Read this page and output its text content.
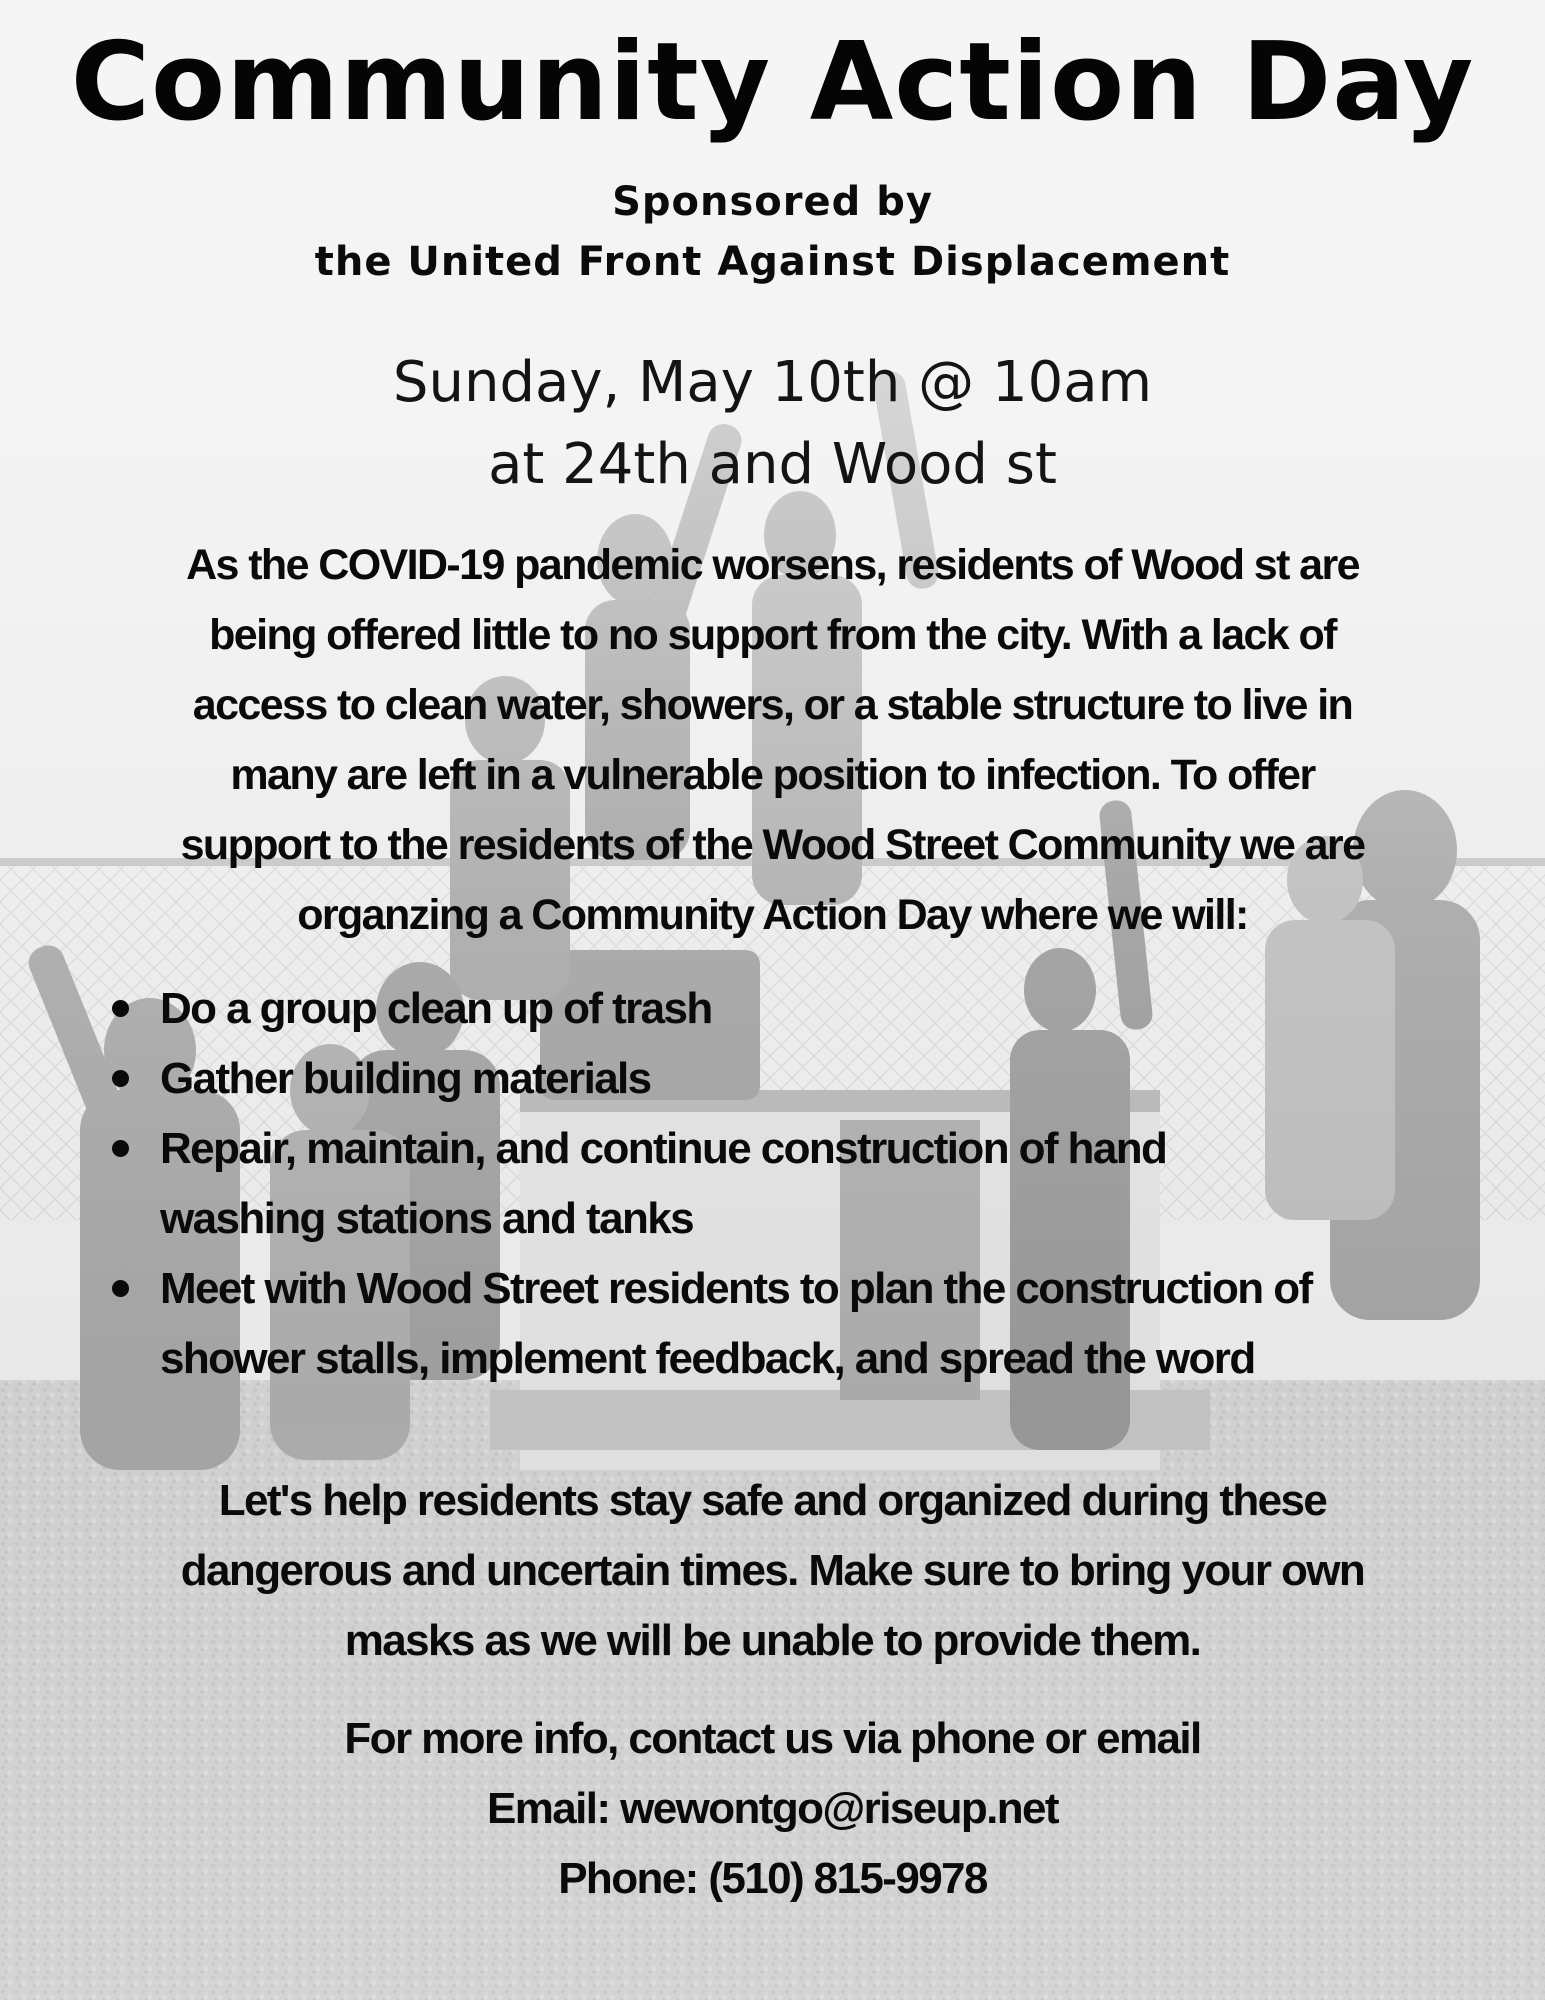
Community Action Day
Sponsored by
the United Front Against Displacement
Sunday, May 10th @ 10am
at 24th and Wood st
As the COVID-19 pandemic worsens, residents of Wood st are
being offered little to no support from the city. With a lack of
access to clean water, showers, or a stable structure to live in
many are left in a vulnerable position to infection. To offer
support to the residents of the Wood Street Community we are
organzing a Community Action Day where we will:
Do a group clean up of trash
Gather building materials
Repair, maintain, and continue construction of hand
washing stations and tanks
Meet with Wood Street residents to plan the construction of
shower stalls, implement feedback, and spread the word
Let's help residents stay safe and organized during these
dangerous and uncertain times. Make sure to bring your own
masks as we will be unable to provide them.
For more info, contact us via phone or email
Email: wewontgo@riseup.net
Phone: (510) 815-9978
